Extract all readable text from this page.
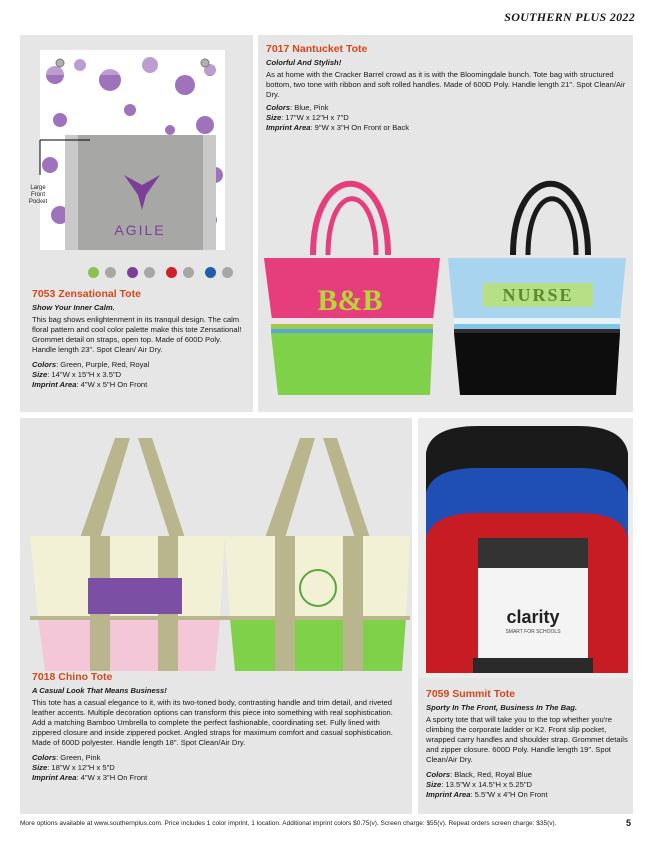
SOUTHERN PLUS 2022
AGILE
Large
Front
Pocket

7053 Zensational Tote
Show Your Inner Calm.
This bag shows enlightenment in its tranquil design. The calm floral pattern and cool color palette make this tote Zensational! Grommet detail on straps, open top. Made of 600D Poly. Handle length 23". Spot Clean/ Air Dry.
Colors: Green, Purple, Red, Royal
Size: 14"W x 15"H x 3.5"D
Imprint Area: 4"W x 5"H On Front
7017 Nantucket Tote
Colorful And Stylish!
As at home with the Cracker Barrel crowd as it is with the Bloomingdale bunch. Tote bag with structured bottom, two tone with ribbon and soft rolled handles. Made of 600D Poly. Handle length 21". Spot Clean/Air Dry.
Colors: Blue, Pink
Size: 17"W x 12"H x 7"D
Imprint Area: 9"W x 3"H On Front or Back
B&B	NURSE
7018 Chino Tote
A Casual Look That Means Business!
This tote has a casual elegance to it, with its two-toned body, contrasting handle and trim detail, and riveted leather accents. Multiple decoration options can transform this piece into something with real sophistication. Add a matching Bamboo Umbrella to complete the perfect fashionable, coordinating set. Fully lined with zippered closure and inside zippered pocket. Angled straps for maximum comfort and casual sophistication. Made of 600D polyester. Handle length 18". Spot Clean/Air Dry.
Colors: Green, Pink
Size: 18"W x 12"H x 5"D
Imprint Area: 4"W x 3"H On Front
clarity
SMART FOR SCHOOLS
7059 Summit Tote
Sporty In The Front, Business In The Bag.
A sporty tote that will take you to the top whether you're climbing the corporate ladder or K2. Front slip pocket, wrapped carry handles and shoulder strap. Grommet details and zipper closure. 600D Poly. Handle length 19". Spot Clean/Air Dry.
Colors: Black, Red, Royal Blue
Size: 13.5"W x 14.5"H x 5.25"D
Imprint Area: 5.5"W x 4"H On Front
More options available at www.southernplus.com. Price includes 1 color imprint, 1 location. Additional imprint colors $0.75(v). Screen charge: $55(v). Repeat orders screen charge: $35(v).	5
